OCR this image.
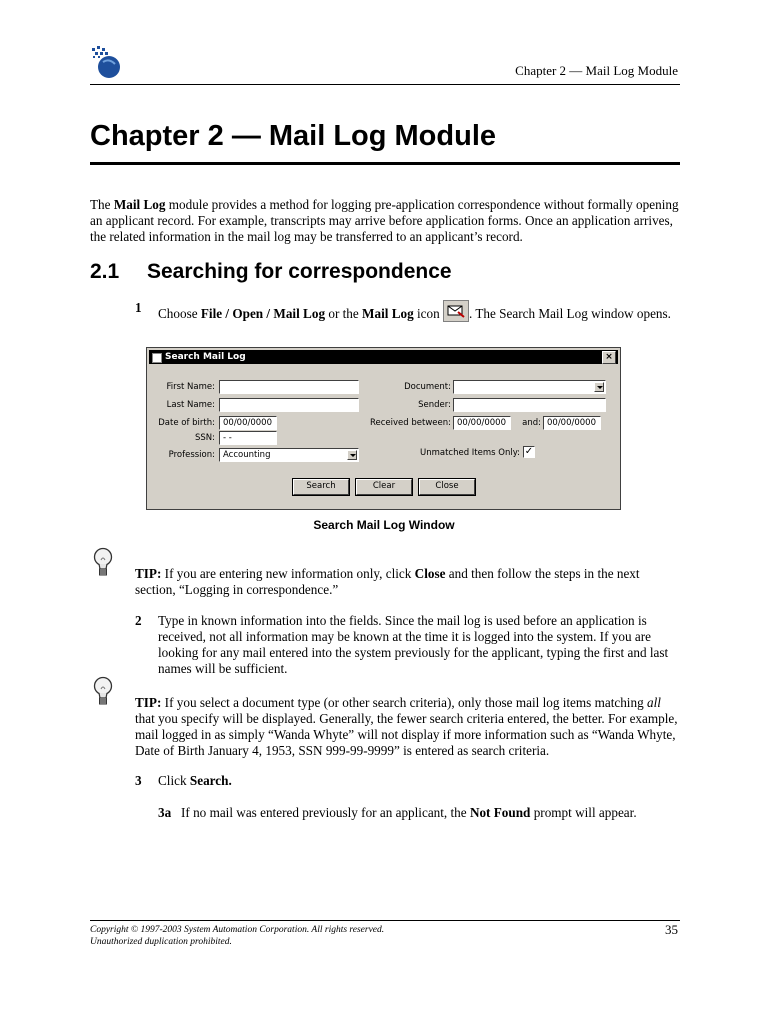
Chapter 2 — Mail Log Module
Chapter 2 — Mail Log Module
The Mail Log module provides a method for logging pre-application correspondence without formally opening an applicant record. For example, transcripts may arrive before application forms. Once an application arrives, the related information in the mail log may be transferred to an applicant’s record.
2.1 Searching for correspondence
1 Choose File / Open / Mail Log or the Mail Log icon
. The Search Mail Log window opens.
Search Mail Log	×
First Name:
Last Name:
Date of birth: 00/00/0000
SSN: - -
Profession: Accounting
Document:
Sender:
Received between: 00/00/0000	and: 00/00/0000
Unmatched Items Only: ✓
Search	Clear	Close
Search Mail Log Window
TIP: If you are entering new information only, click Close and then follow the steps in the next section, “Logging in correspondence.”
2 Type in known information into the fields. Since the mail log is used before an application is received, not all information may be known at the time it is logged into the system. If you are looking for any mail entered into the system previously for the applicant, typing the first and last names will be sufficient.
TIP: If you select a document type (or other search criteria), only those mail log items matching all that you specify will be displayed. Generally, the fewer search criteria entered, the better. For example, mail logged in as simply “Wanda Whyte” will not display if more information such as “Wanda Whyte, Date of Birth January 4, 1953, SSN 999-99-9999” is entered as search criteria.
3 Click Search.
3a If no mail was entered previously for an applicant, the Not Found prompt will appear.
Copyright © 1997-2003 System Automation Corporation. All rights reserved.
Unauthorized duplication prohibited.
35
